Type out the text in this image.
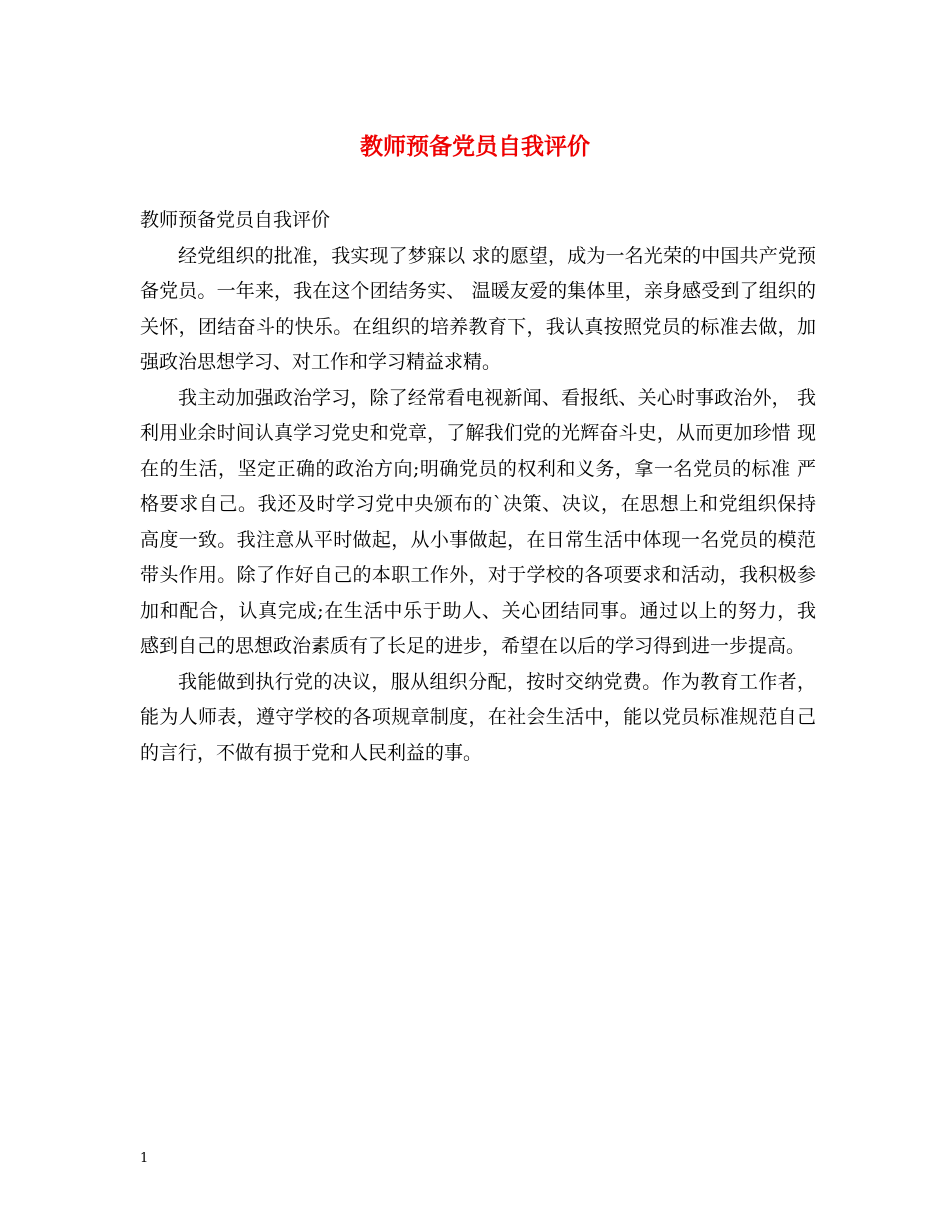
教师预备党员自我评价

教师预备党员自我评价

经党组织的批准，我实现了梦寐以 求的愿望，成为一名光荣的中国共产党预备党员。一年来，我在这个团结务实、 温暖友爱的集体里，亲身感受到了组织的关怀，团结奋斗的快乐。在组织的培养教育下，我认真按照党员的标准去做，加强政治思想学习、对工作和学习精益求精。

我主动加强政治学习，除了经常看电视新闻、看报纸、关心时事政治外， 我利用业余时间认真学习党史和党章，了解我们党的光辉奋斗史，从而更加珍惜 现在的生活，坚定正确的政治方向;明确党员的权利和义务，拿一名党员的标准 严格要求自己。我还及时学习党中央颁布的`决策、决议，在思想上和党组织保持 高度一致。我注意从平时做起，从小事做起，在日常生活中体现一名党员的模范带头作用。除了作好自己的本职工作外，对于学校的各项要求和活动，我积极参加和配合，认真完成;在生活中乐于助人、关心团结同事。通过以上的努力，我 感到自己的思想政治素质有了长足的进步，希望在以后的学习得到进一步提高。

我能做到执行党的决议，服从组织分配，按时交纳党费。作为教育工作者，能为人师表，遵守学校的各项规章制度，在社会生活中，能以党员标准规范自己的言行，不做有损于党和人民利益的事。

1
